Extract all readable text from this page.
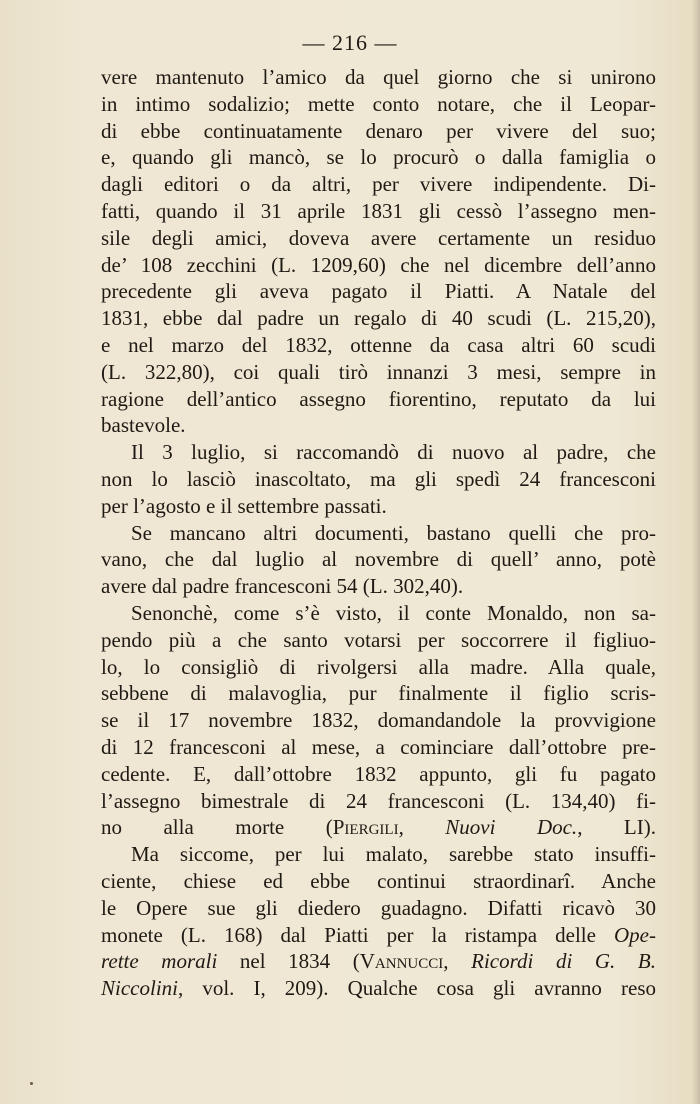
— 216 —
vere mantenuto l’amico da quel giorno che si unirono
in intimo sodalizio; mette conto notare, che il Leopar-
di ebbe continuatamente denaro per vivere del suo;
e, quando gli mancò, se lo procurò o dalla famiglia o
dagli editori o da altri, per vivere indipendente. Di-
fatti, quando il 31 aprile 1831 gli cessò l’assegno men-
sile degli amici, doveva avere certamente un residuo
de’ 108 zecchini (L. 1209,60) che nel dicembre dell’anno
precedente gli aveva pagato il Piatti. A Natale del
1831, ebbe dal padre un regalo di 40 scudi (L. 215,20),
e nel marzo del 1832, ottenne da casa altri 60 scudi
(L. 322,80), coi quali tirò innanzi 3 mesi, sempre in
ragione dell’antico assegno fiorentino, reputato da lui
bastevole.
Il 3 luglio, si raccomandò di nuovo al padre, che
non lo lasciò inascoltato, ma gli spedì 24 francesconi
per l’agosto e il settembre passati.
Se mancano altri documenti, bastano quelli che pro-
vano, che dal luglio al novembre di quell’ anno, potè
avere dal padre francesconi 54 (L. 302,40).
Senonchè, come s’è visto, il conte Monaldo, non sa-
pendo più a che santo votarsi per soccorrere il figliuo-
lo, lo consigliò di rivolgersi alla madre. Alla quale,
sebbene di malavoglia, pur finalmente il figlio scris-
se il 17 novembre 1832, domandandole la provvigione
di 12 francesconi al mese, a cominciare dall’ottobre pre-
cedente. E, dall’ottobre 1832 appunto, gli fu pagato
l’assegno bimestrale di 24 francesconi (L. 134,40) fi-
no alla morte (Piergili, Nuovi Doc., LI).
Ma siccome, per lui malato, sarebbe stato insuffi-
ciente, chiese ed ebbe continui straordinarî. Anche
le Opere sue gli diedero guadagno. Difatti ricavò 30
monete (L. 168) dal Piatti per la ristampa delle Ope-
rette morali nel 1834 (Vannucci, Ricordi di G. B.
Niccolini, vol. I, 209). Qualche cosa gli avranno reso
